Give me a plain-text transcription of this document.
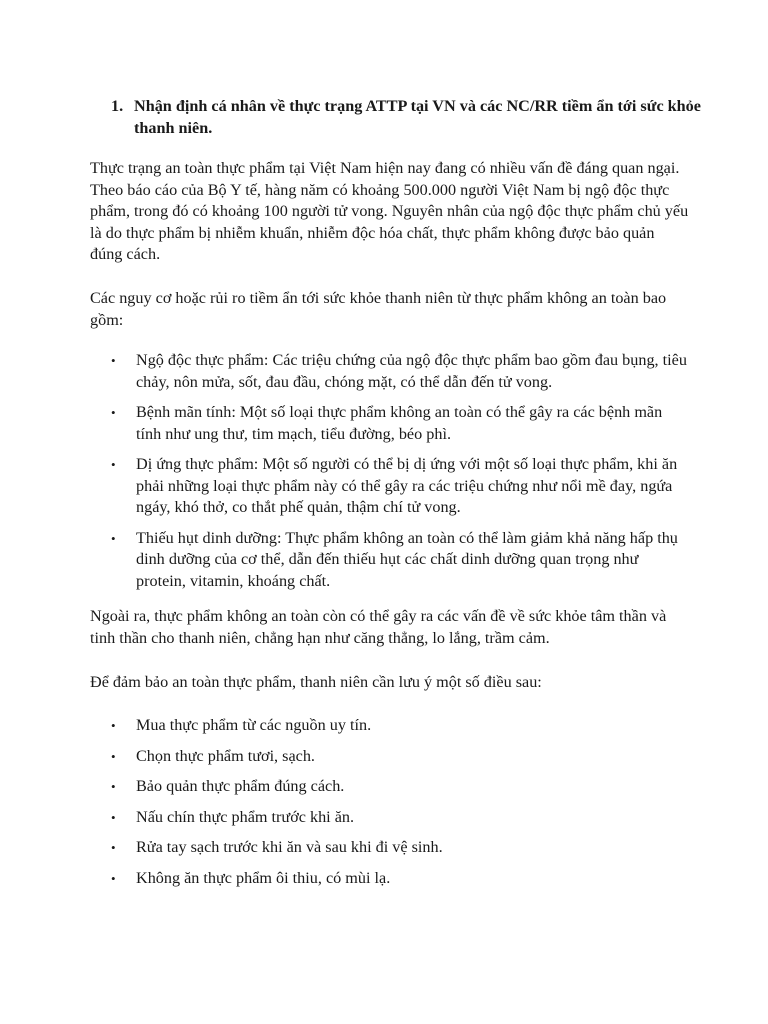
1. Nhận định cá nhân về thực trạng ATTP tại VN và các NC/RR tiềm ẩn tới sức khỏe thanh niên.

Thực trạng an toàn thực phẩm tại Việt Nam hiện nay đang có nhiều vấn đề đáng quan ngại. Theo báo cáo của Bộ Y tế, hàng năm có khoảng 500.000 người Việt Nam bị ngộ độc thực phẩm, trong đó có khoảng 100 người tử vong. Nguyên nhân của ngộ độc thực phẩm chủ yếu là do thực phẩm bị nhiễm khuẩn, nhiễm độc hóa chất, thực phẩm không được bảo quản đúng cách.

Các nguy cơ hoặc rủi ro tiềm ẩn tới sức khỏe thanh niên từ thực phẩm không an toàn bao gồm:

• Ngộ độc thực phẩm: Các triệu chứng của ngộ độc thực phẩm bao gồm đau bụng, tiêu chảy, nôn mửa, sốt, đau đầu, chóng mặt, có thể dẫn đến tử vong.
• Bệnh mãn tính: Một số loại thực phẩm không an toàn có thể gây ra các bệnh mãn tính như ung thư, tim mạch, tiểu đường, béo phì.
• Dị ứng thực phẩm: Một số người có thể bị dị ứng với một số loại thực phẩm, khi ăn phải những loại thực phẩm này có thể gây ra các triệu chứng như nổi mề đay, ngứa ngáy, khó thở, co thắt phế quản, thậm chí tử vong.
• Thiếu hụt dinh dưỡng: Thực phẩm không an toàn có thể làm giảm khả năng hấp thụ dinh dưỡng của cơ thể, dẫn đến thiếu hụt các chất dinh dưỡng quan trọng như protein, vitamin, khoáng chất.

Ngoài ra, thực phẩm không an toàn còn có thể gây ra các vấn đề về sức khỏe tâm thần và tinh thần cho thanh niên, chẳng hạn như căng thẳng, lo lắng, trầm cảm.

Để đảm bảo an toàn thực phẩm, thanh niên cần lưu ý một số điều sau:

• Mua thực phẩm từ các nguồn uy tín.
• Chọn thực phẩm tươi, sạch.
• Bảo quản thực phẩm đúng cách.
• Nấu chín thực phẩm trước khi ăn.
• Rửa tay sạch trước khi ăn và sau khi đi vệ sinh.
• Không ăn thực phẩm ôi thiu, có mùi lạ.
